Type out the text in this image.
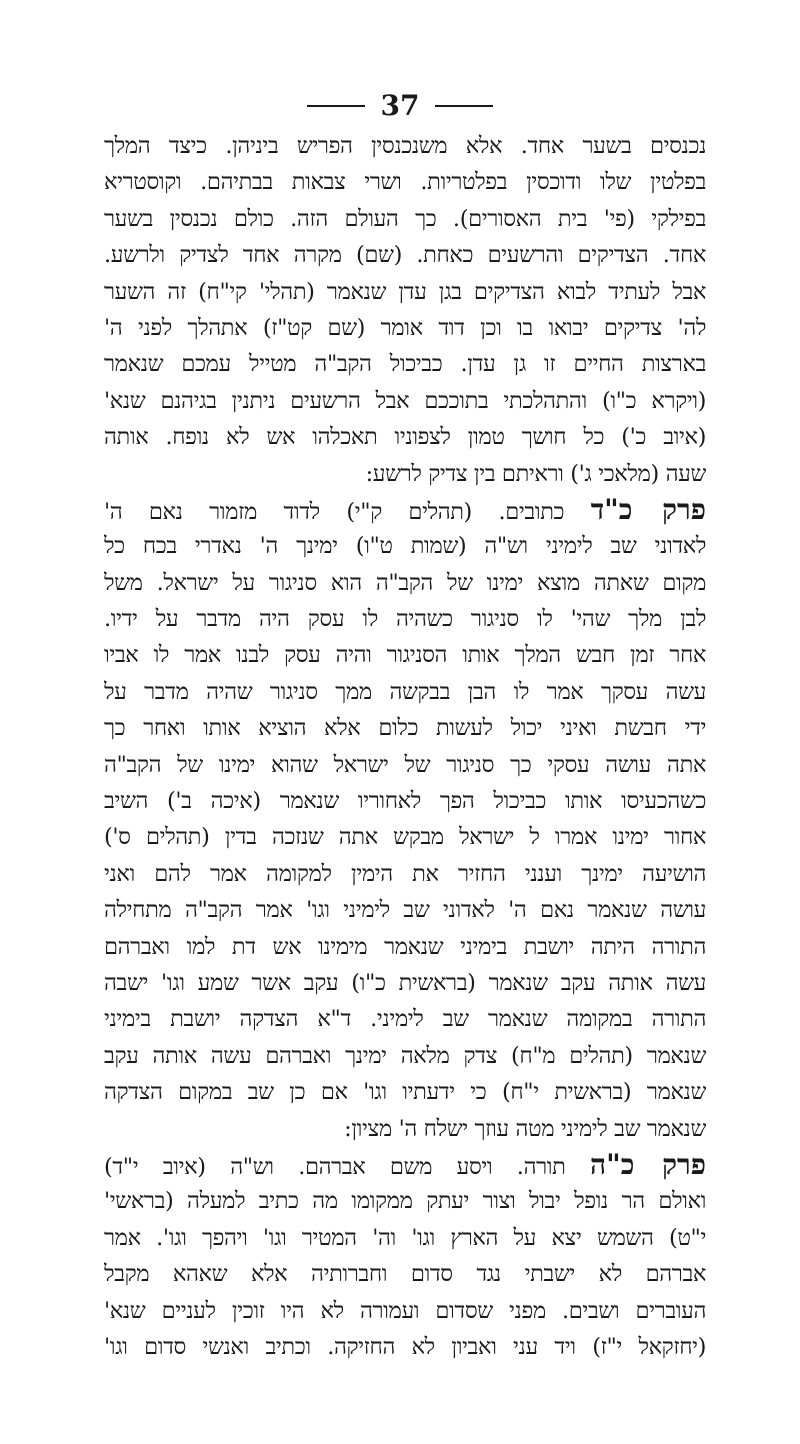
37
נכנסים בשער אחד. אלא משנכנסין הפריש ביניהן. כיצד המלך
בפלטין שלו ודוכסין בפלטריות. ושרי צבאות בבתיהם. וקוסטריא
בפילקי (פי' בית האסורים). כך העולם הזה. כולם נכנסין בשער
אחד. הצדיקים והרשעים כאחת. (שם) מקרה אחד לצדיק ולרשע.
אבל לעתיד לבוא הצדיקים בגן עדן שנאמר (תהלי' קי"ח) זה השער
לה' צדיקים יבואו בו וכן דוד אומר (שם קט"ז) אתהלך לפני ה'
בארצות החיים זו גן עדן. כביכול הקב"ה מטייל עמכם שנאמר
(ויקרא כ"ו) והתהלכתי בתוככם אבל הרשעים ניתנין בגיהנם שנא'
(איוב כ') כל חושך טמון לצפוניו תאכלהו אש לא נופח. אותה
שעה (מלאכי ג') וראיתם בין צדיק לרשע:
פרק כ"ד כתובים. (תהלים ק"י) לדוד מזמור נאם ה'
לאדוני שב לימיני וש"ה (שמות ט"ו) ימינך ה' נאדרי בכח כל
מקום שאתה מוצא ימינו של הקב"ה הוא סניגור על ישראל. משל
לבן מלך שהי' לו סניגור כשהיה לו עסק היה מדבר על ידיו.
אחר זמן חבש המלך אותו הסניגור והיה עסק לבנו אמר לו אביו
עשה עסקך אמר לו הבן בבקשה ממך סניגור שהיה מדבר על
ידי חבשת ואיני יכול לעשות כלום אלא הוציא אותו ואחר כך
אתה עושה עסקי כך סניגור של ישראל שהוא ימינו של הקב"ה
כשהכעיסו אותו כביכול הפך לאחוריו שנאמר (איכה ב') השיב
אחור ימינו אמרו ל ישראל מבקש אתה שנזכה בדין (תהלים ס')
הושיעה ימינך וענני החזיר את הימין למקומה אמר להם ואני
עושה שנאמר נאם ה' לאדוני שב לימיני וגו' אמר הקב"ה מתחילה
התורה היתה יושבת בימיני שנאמר מימינו אש דת למו ואברהם
עשה אותה עקב שנאמר (בראשית כ"ו) עקב אשר שמע וגו' ישבה
התורה במקומה שנאמר שב לימיני. ד"א הצדקה יושבת בימיני
שנאמר (תהלים מ"ח) צדק מלאה ימינך ואברהם עשה אותה עקב
שנאמר (בראשית י"ח) כי ידעתיו וגו' אם כן שב במקום הצדקה
שנאמר שב לימיני מטה עוזך ישלח ה' מציון:
פרק כ"ה תורה. ויסע משם אברהם. וש"ה (איוב י"ד)
ואולם הר נופל יבול וצור יעתק ממקומו מה כתיב למעלה (בראשי'
י"ט) השמש יצא על הארץ וגו' וה' המטיר וגו' ויהפך וגו'. אמר
אברהם לא ישבתי נגד סדום וחברותיה אלא שאהא מקבל
העוברים ושבים. מפני שסדום ועמורה לא היו זוכין לעניים שנא'
(יחזקאל י"ז) ויד עני ואביון לא החזיקה. וכתיב ואנשי סדום וגו'
